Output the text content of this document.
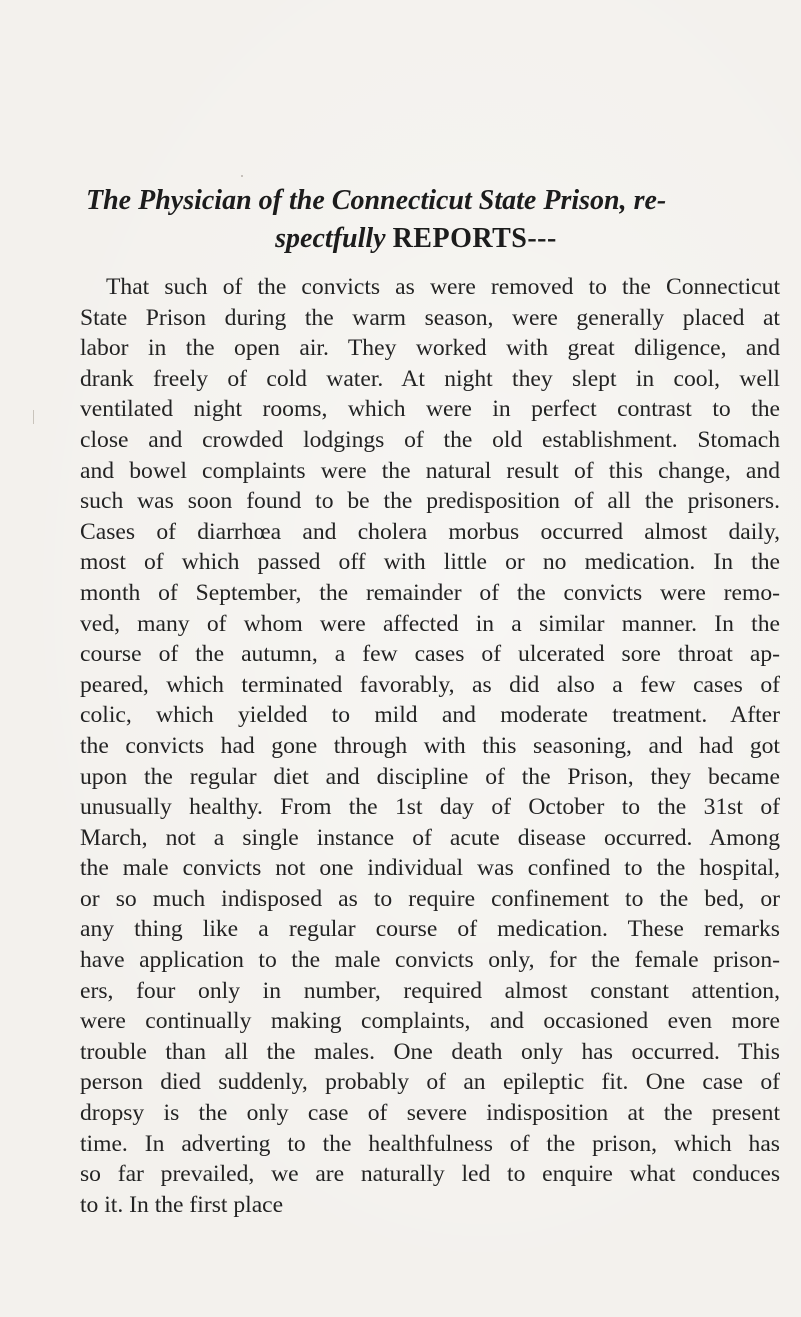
The Physician of the Connecticut State Prison, re-
spectfully REPORTS---
That such of the convicts as were removed to the Connecticut
State Prison during the warm season, were generally placed at
labor in the open air. They worked with great diligence, and
drank freely of cold water. At night they slept in cool, well
ventilated night rooms, which were in perfect contrast to the
close and crowded lodgings of the old establishment. Stomach
and bowel complaints were the natural result of this change, and
such was soon found to be the predisposition of all the prisoners.
Cases of diarrhœa and cholera morbus occurred almost daily,
most of which passed off with little or no medication. In the
month of September, the remainder of the convicts were remo-
ved, many of whom were affected in a similar manner. In the
course of the autumn, a few cases of ulcerated sore throat ap-
peared, which terminated favorably, as did also a few cases of
colic, which yielded to mild and moderate treatment. After
the convicts had gone through with this seasoning, and had got
upon the regular diet and discipline of the Prison, they became
unusually healthy. From the 1st day of October to the 31st of
March, not a single instance of acute disease occurred. Among
the male convicts not one individual was confined to the hospital,
or so much indisposed as to require confinement to the bed, or
any thing like a regular course of medication. These remarks
have application to the male convicts only, for the female prison-
ers, four only in number, required almost constant attention,
were continually making complaints, and occasioned even more
trouble than all the males. One death only has occurred. This
person died suddenly, probably of an epileptic fit. One case of
dropsy is the only case of severe indisposition at the present
time. In adverting to the healthfulness of the prison, which has
so far prevailed, we are naturally led to enquire what conduces
to it. In the first place
